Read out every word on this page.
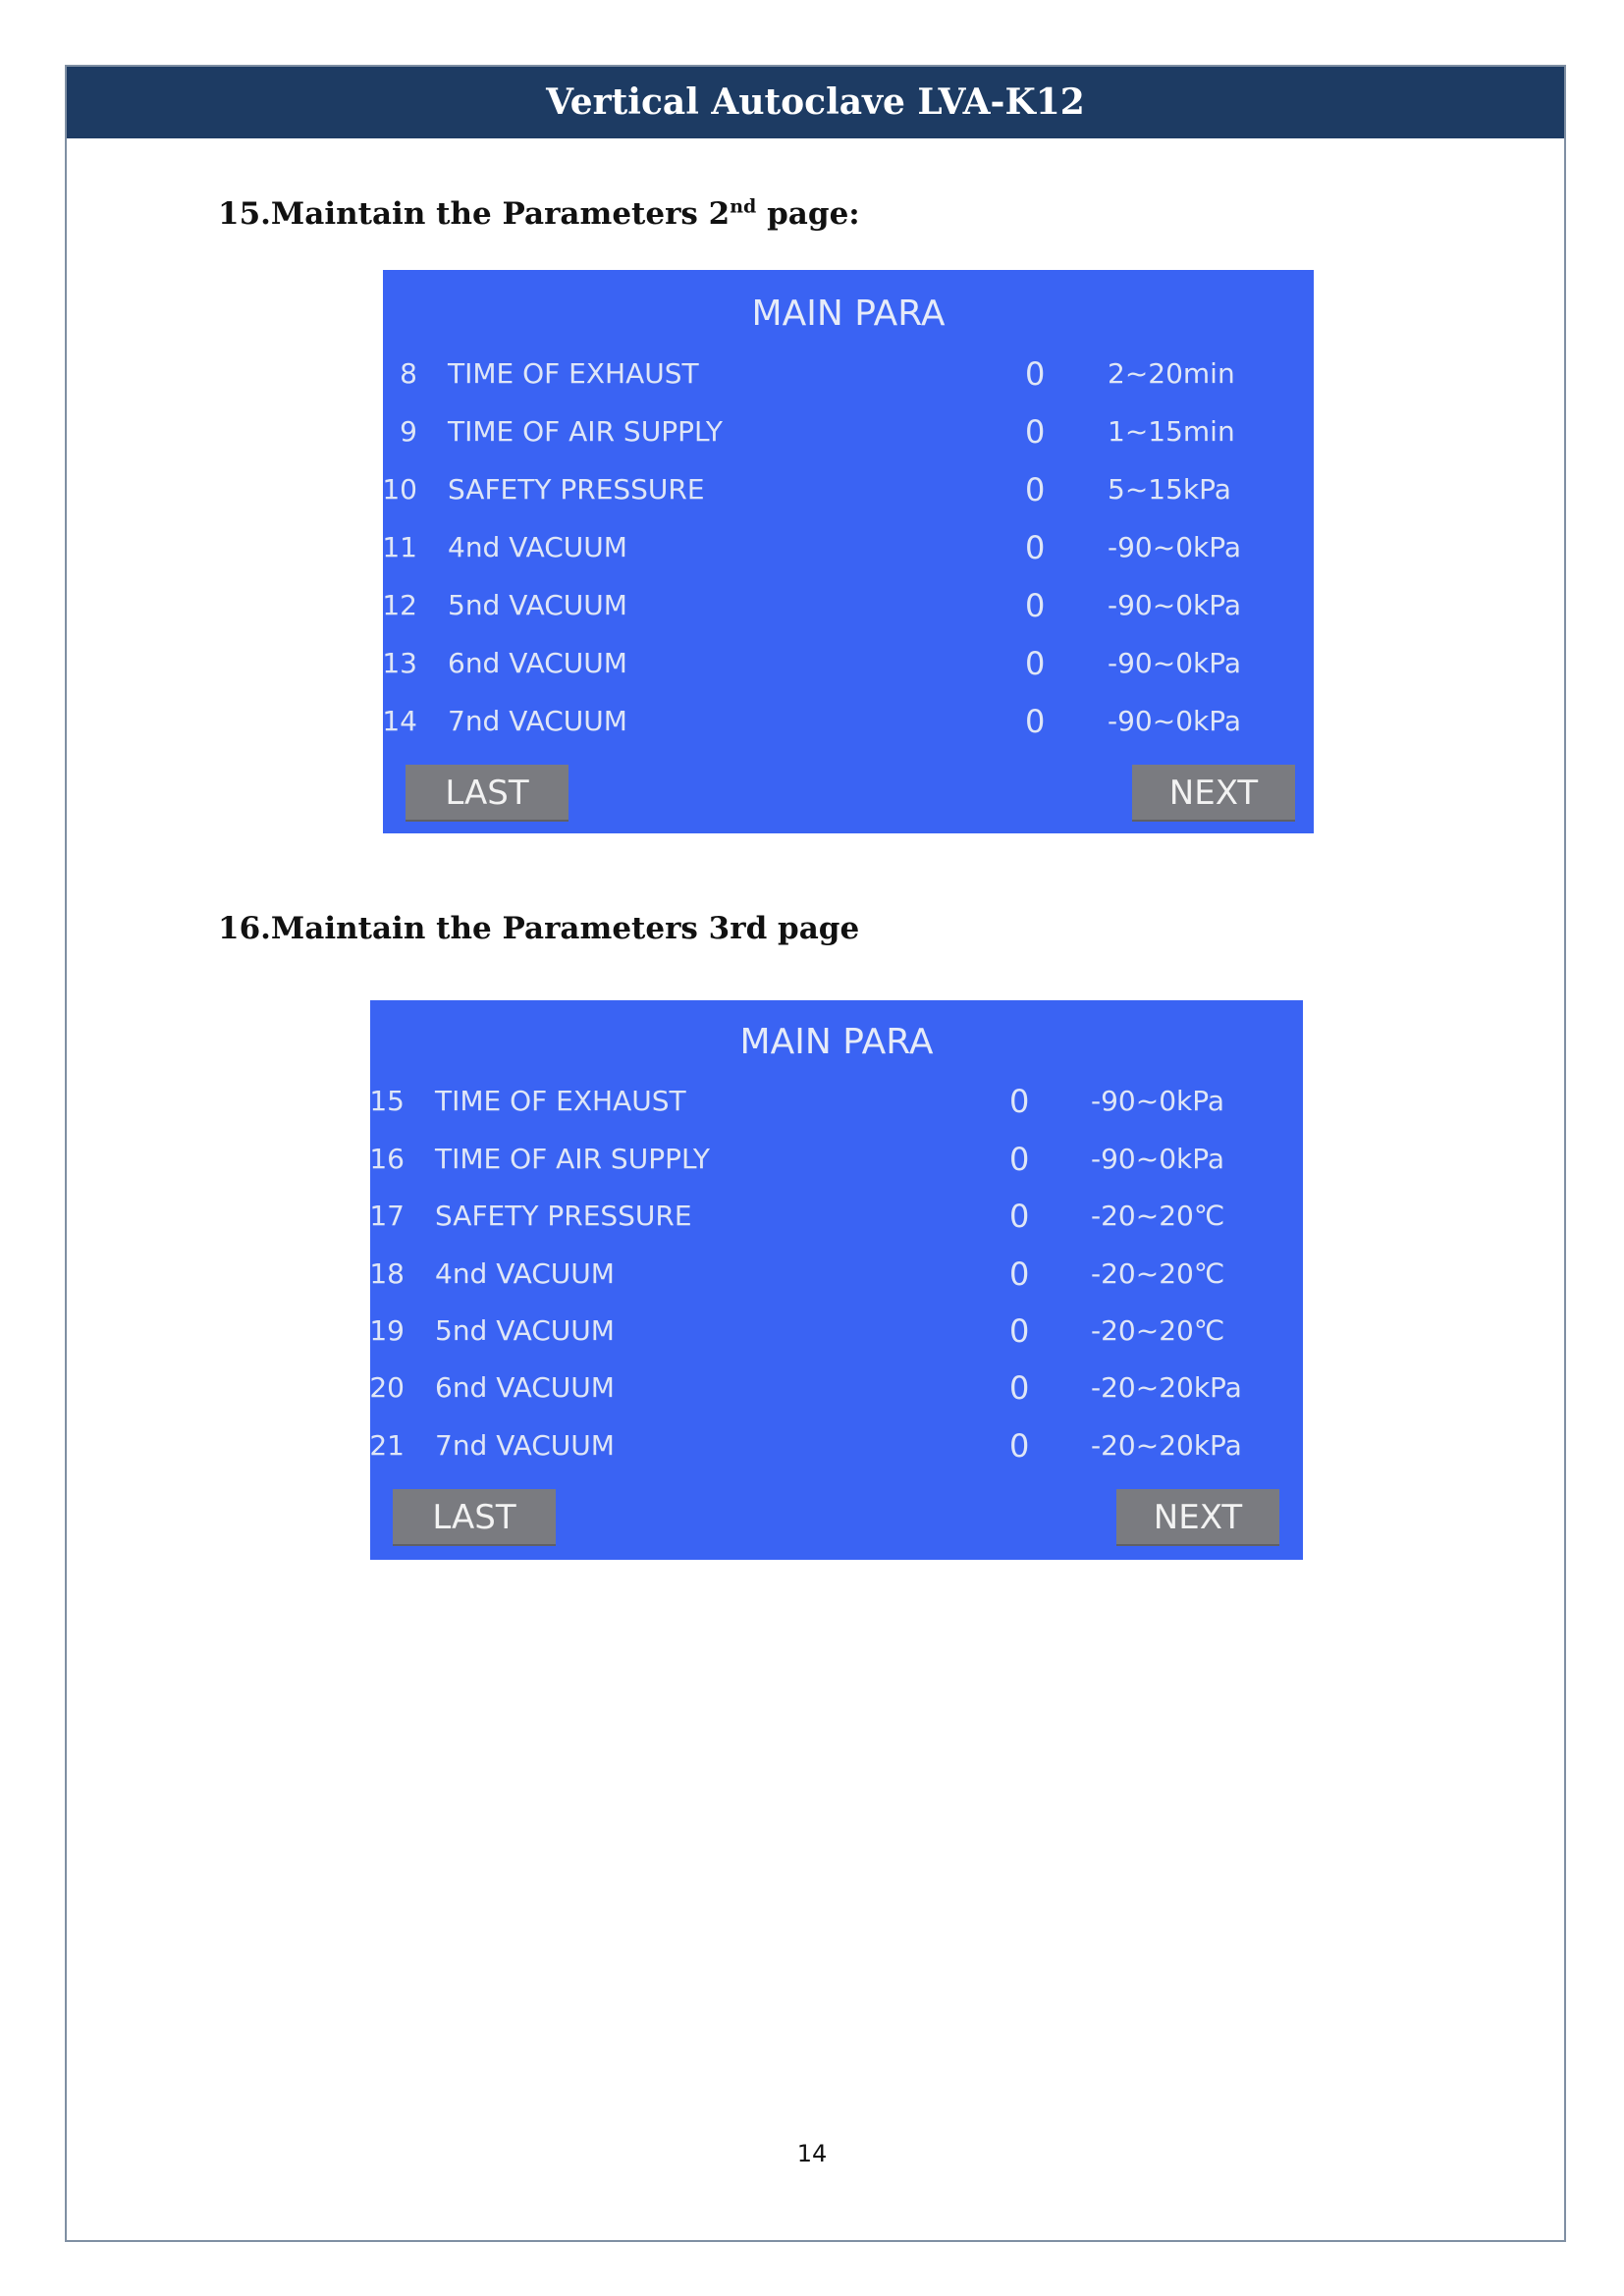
Vertical Autoclave LVA-K12
15.Maintain the Parameters 2nd page:
MAIN PARA
8 TIME OF EXHAUST	0 2~20min
9 TIME OF AIR SUPPLY	0 1~15min
10 SAFETY PRESSURE	0 5~15kPa
11 4nd VACUUM	0 -90~0kPa
12 5nd VACUUM	0 -90~0kPa
13 6nd VACUUM	0 -90~0kPa
14 7nd VACUUM	0 -90~0kPa
LAST	NEXT
16.Maintain the Parameters 3rd page
MAIN PARA
15 TIME OF EXHAUST	0 -90~0kPa
16 TIME OF AIR SUPPLY	0 -90~0kPa
17 SAFETY PRESSURE	0 -20~20℃
18 4nd VACUUM	0 -20~20℃
19 5nd VACUUM	0 -20~20℃
20 6nd VACUUM	0 -20~20kPa
21 7nd VACUUM	0 -20~20kPa
LAST	NEXT
14
